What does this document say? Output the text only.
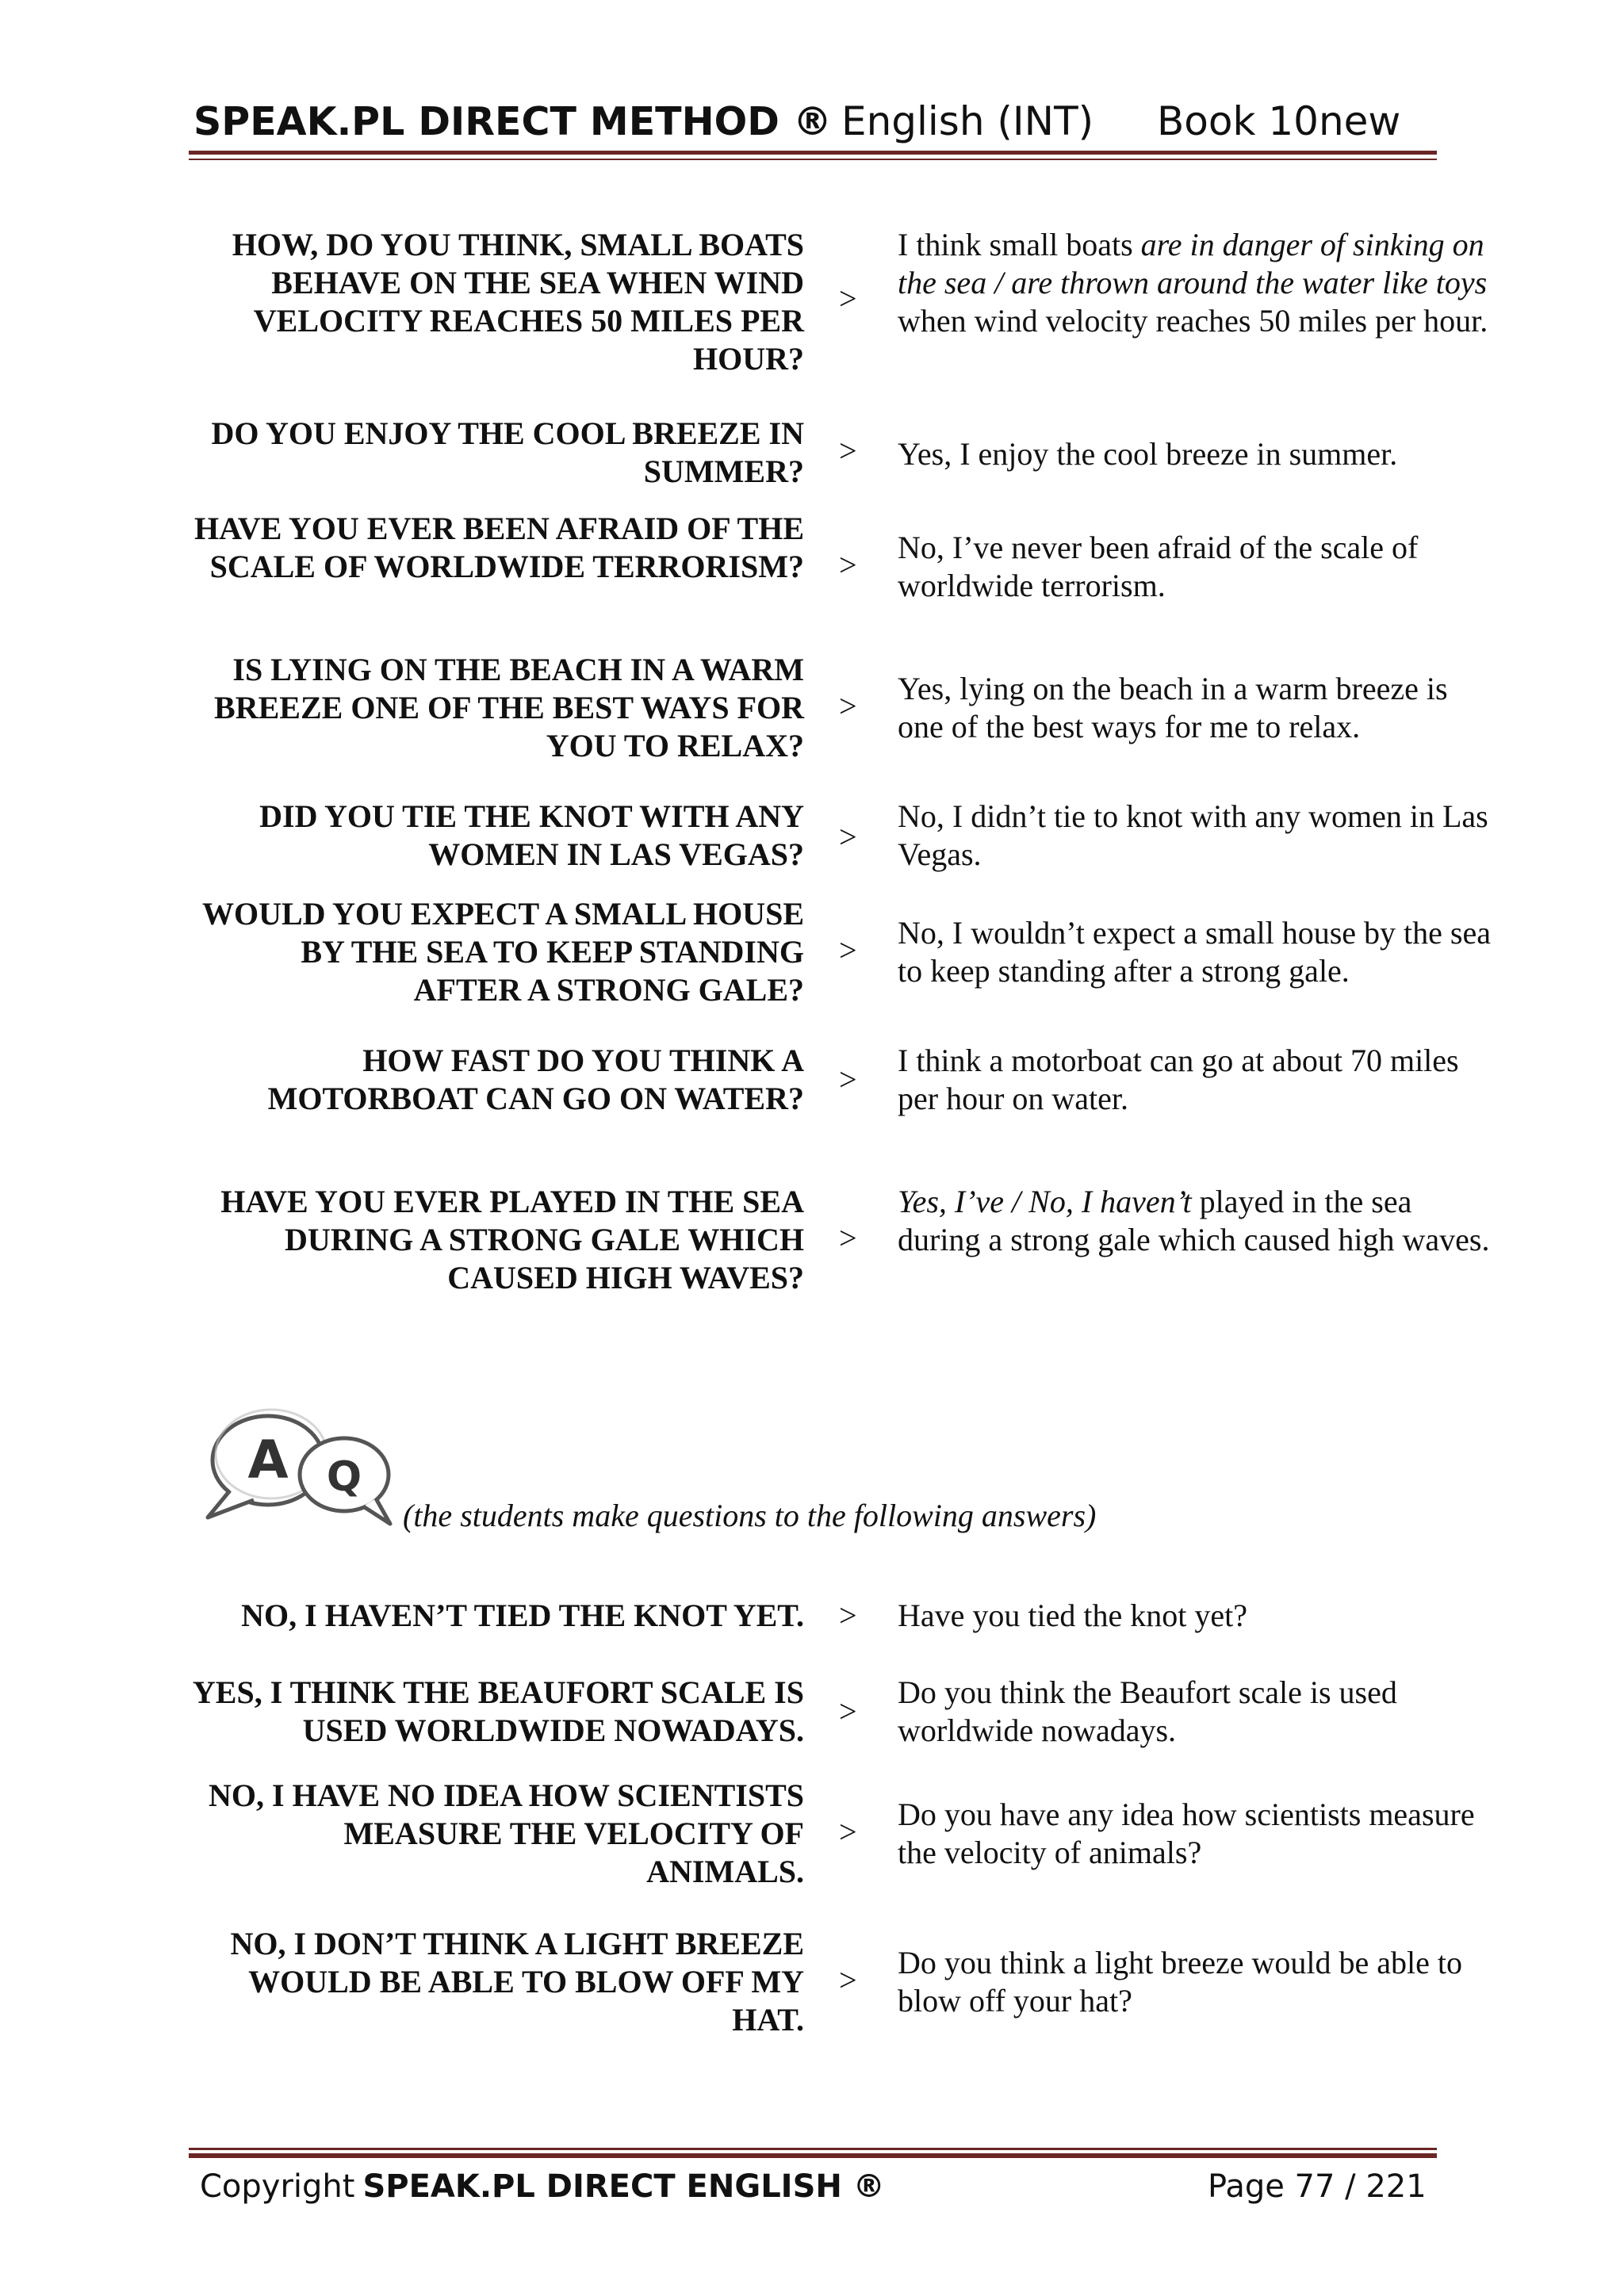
SPEAK.PL DIRECT METHOD ® English (INT) Book 10new
HOW, DO YOU THINK, SMALL BOATS BEHAVE ON THE SEA WHEN WIND VELOCITY REACHES 50 MILES PER HOUR?
>
I think small boats are in danger of sinking on the sea / are thrown around the water like toys when wind velocity reaches 50 miles per hour.
DO YOU ENJOY THE COOL BREEZE IN SUMMER?
> Yes, I enjoy the cool breeze in summer.
HAVE YOU EVER BEEN AFRAID OF THE SCALE OF WORLDWIDE TERRORISM? > No, I’ve never been afraid of the scale of worldwide terrorism.
IS LYING ON THE BEACH IN A WARM BREEZE ONE OF THE BEST WAYS FOR YOU TO RELAX?
> Yes, lying on the beach in a warm breeze is one of the best ways for me to relax.
DID YOU TIE THE KNOT WITH ANY WOMEN IN LAS VEGAS? >
No, I didn’t tie to knot with any women in Las Vegas.
WOULD YOU EXPECT A SMALL HOUSE BY THE SEA TO KEEP STANDING AFTER A STRONG GALE?
> No, I wouldn’t expect a small house by the sea to keep standing after a strong gale.
HOW FAST DO YOU THINK A MOTORBOAT CAN GO ON WATER?
>
I think a motorboat can go at about 70 miles per hour on water.
HAVE YOU EVER PLAYED IN THE SEA DURING A STRONG GALE WHICH CAUSED HIGH WAVES?
>
Yes, I’ve / No, I haven’t played in the sea during a strong gale which caused high waves.
A Q
(the students make questions to the following answers)
NO, I HAVEN’T TIED THE KNOT YET. > Have you tied the knot yet?
YES, I THINK THE BEAUFORT SCALE IS USED WORLDWIDE NOWADAYS.
>
Do you think the Beaufort scale is used worldwide nowadays.
NO, I HAVE NO IDEA HOW SCIENTISTS MEASURE THE VELOCITY OF ANIMALS.
> Do you have any idea how scientists measure the velocity of animals?
NO, I DON’T THINK A LIGHT BREEZE WOULD BE ABLE TO BLOW OFF MY HAT.
> Do you think a light breeze would be able to blow off your hat?
Copyright SPEAK.PL DIRECT ENGLISH ®	Page 77 / 221
